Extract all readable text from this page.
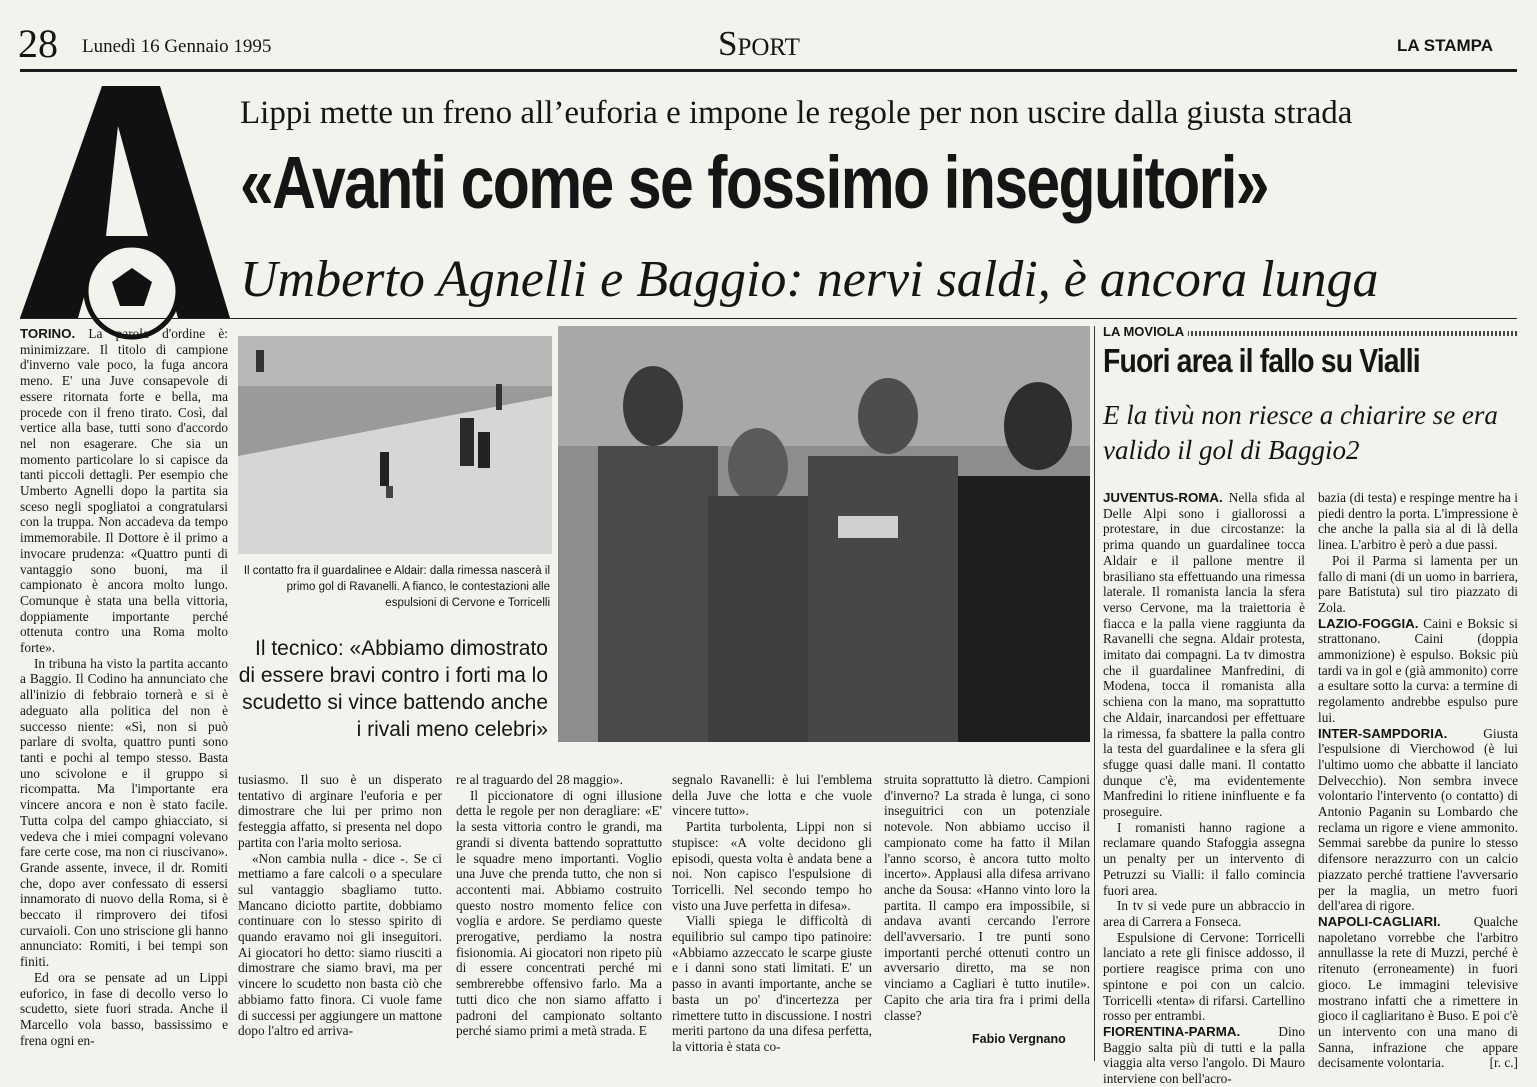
28 Lunedì 16 Gennaio 1995	Sport	LA STAMPA
Lippi mette un freno all’euforia e impone le regole per non uscire dalla giusta strada
«Avanti come se fossimo inseguitori»
Umberto Agnelli e Baggio: nervi saldi, è ancora lunga

TORINO. La parola d'ordine è: minimizzare. Il titolo di campione d'inverno vale poco, la fuga ancora meno. E' una Juve consapevole di essere ritornata forte e bella, ma procede con il freno tirato. Così, dal vertice alla base, tutti sono d'accordo nel non esagerare. Che sia un momento particolare lo si capisce da tanti piccoli dettagli. Per esempio che Umberto Agnelli dopo la partita sia sceso negli spogliatoi a congratularsi con la truppa. Non accadeva da tempo immemorabile. Il Dottore è il primo a invocare prudenza: «Quattro punti di vantaggio sono buoni, ma il campionato è ancora molto lungo. Comunque è stata una bella vittoria, doppiamente importante perché ottenuta contro una Roma molto forte».

In tribuna ha visto la partita accanto a Baggio. Il Codino ha annunciato che all'inizio di febbraio tornerà e si è adeguato alla politica del non è successo niente: «Sì, non si può parlare di svolta, quattro punti sono tanti e pochi al tempo stesso. Basta uno scivolone e il gruppo si ricompatta. Ma l'importante era vincere ancora e non è stato facile. Tutta colpa del campo ghiacciato, si vedeva che i miei compagni volevano fare certe cose, ma non ci riuscivano». Grande assente, invece, il dr. Romiti che, dopo aver confessato di essersi innamorato di nuovo della Roma, si è beccato il rimprovero dei tifosi curvaioli. Con uno striscione gli hanno annunciato: Romiti, i bei tempi son finiti.

Ed ora se pensate ad un Lippi euforico, in fase di decollo verso lo scudetto, siete fuori strada. Anche il Marcello vola basso, bassissimo e frena ogni en-

Il contatto fra il guardalinee e Aldair: dalla rimessa nascerà il primo gol di Ravanelli. A fianco, le contestazioni alle espulsioni di Cervone e Torricelli
Il tecnico: «Abbiamo dimostrato di essere bravi contro i forti ma lo scudetto si vince battendo anche i rivali meno celebri»

tusiasmo. Il suo è un disperato tentativo di arginare l'euforia e per dimostrare che lui per primo non festeggia affatto, si presenta nel dopo partita con l'aria molto seriosa.

«Non cambia nulla - dice -. Se ci mettiamo a fare calcoli o a speculare sul vantaggio sbagliamo tutto. Mancano diciotto partite, dobbiamo continuare con lo stesso spirito di quando eravamo noi gli inseguitori. Ai giocatori ho detto: siamo riusciti a dimostrare che siamo bravi, ma per vincere lo scudetto non basta ciò che abbiamo fatto finora. Ci vuole fame di successi per aggiungere un mattone dopo l'altro ed arriva-

re al traguardo del 28 maggio».

Il piccionatore di ogni illusione detta le regole per non deragliare: «E' la sesta vittoria contro le grandi, ma grandi si diventa battendo soprattutto le squadre meno importanti. Voglio una Juve che prenda tutto, che non si accontenti mai. Abbiamo costruito questo nostro momento felice con voglia e ardore. Se perdiamo queste prerogative, perdiamo la nostra fisionomia. Ai giocatori non ripeto più di essere concentrati perché mi sembrerebbe offensivo farlo. Ma a tutti dico che non siamo affatto i padroni del campionato soltanto perché siamo primi a metà strada. E

segnalo Ravanelli: è lui l'emblema della Juve che lotta e che vuole vincere tutto».

Partita turbolenta, Lippi non si stupisce: «A volte decidono gli episodi, questa volta è andata bene a noi. Non capisco l'espulsione di Torricelli. Nel secondo tempo ho visto una Juve perfetta in difesa».

Vialli spiega le difficoltà di equilibrio sul campo tipo patinoire: «Abbiamo azzeccato le scarpe giuste e i danni sono stati limitati. E' un passo in avanti importante, anche se basta un po' d'incertezza per rimettere tutto in discussione. I nostri meriti partono da una difesa perfetta, la vittoria è stata co-

struita soprattutto là dietro. Campioni d'inverno? La strada è lunga, ci sono inseguitrici con un potenziale notevole. Non abbiamo ucciso il campionato come ha fatto il Milan l'anno scorso, è ancora tutto molto incerto». Applausi alla difesa arrivano anche da Sousa: «Hanno vinto loro la partita. Il campo era impossibile, si andava avanti cercando l'errore dell'avversario. I tre punti sono importanti perché ottenuti contro un avversario diretto, ma se non vinciamo a Cagliari è tutto inutile». Capito che aria tira fra i primi della classe?

Fabio Vergnano
LA MOVIOLA
Fuori area il fallo su Vialli
E la tivù non riesce a chiarire se era valido il gol di Baggio2

JUVENTUS-ROMA. Nella sfida al Delle Alpi sono i giallorossi a protestare, in due circostanze: la prima quando un guardalinee tocca Aldair e il pallone mentre il brasiliano sta effettuando una rimessa laterale. Il romanista lancia la sfera verso Cervone, ma la traiettoria è fiacca e la palla viene raggiunta da Ravanelli che segna. Aldair protesta, imitato dai compagni. La tv dimostra che il guardalinee Manfredini, di Modena, tocca il romanista alla schiena con la mano, ma soprattutto che Aldair, inarcandosi per effettuare la rimessa, fa sbattere la palla contro la testa del guardalinee e la sfera gli sfugge quasi dalle mani. Il contatto dunque c'è, ma evidentemente Manfredini lo ritiene ininfluente e fa proseguire.

I romanisti hanno ragione a reclamare quando Stafoggia assegna un penalty per un intervento di Petruzzi su Vialli: il fallo comincia fuori area.

In tv si vede pure un abbraccio in area di Carrera a Fonseca.

Espulsione di Cervone: Torricelli lanciato a rete gli finisce addosso, il portiere reagisce prima con uno spintone e poi con un calcio. Torricelli «tenta» di rifarsi. Cartellino rosso per entrambi.

FIORENTINA-PARMA.	Dino Baggio salta più di tutti e la palla viaggia alta verso l'angolo. Di Mauro interviene con bell'acro-

bazia (di testa) e respinge mentre ha i piedi dentro la porta. L'impressione è che anche la palla sia al di là della linea. L'arbitro è però a due passi.

Poi il Parma si lamenta per un fallo di mani (di un uomo in barriera, pare Batistuta) sul tiro piazzato di Zola.

LAZIO-FOGGIA. Caini e Boksic si strattonano. Caini (doppia ammonizione) è espulso. Boksic più tardi va in gol e (già ammonito) corre a esultare sotto la curva: a termine di regolamento andrebbe espulso pure lui.

INTER-SAMPDORIA.	Giusta l'espulsione di Vierchowod (è lui l'ultimo uomo che abbatte il lanciato Delvecchio). Non sembra invece volontario l'intervento (o contatto) di Antonio Paganin su Lombardo che reclama un rigore e viene ammonito. Semmai sarebbe da punire lo stesso difensore nerazzurro con un calcio piazzato perché trattiene l'avversario per la maglia, un metro fuori dell'area di rigore.

NAPOLI-CAGLIARI. Qualche napoletano vorrebbe che l'arbitro annullasse la rete di Muzzi, perché è ritenuto (erroneamente) in fuori gioco. Le immagini televisive mostrano infatti che a rimettere in gioco il cagliaritano è Buso. E poi c'è un intervento con una mano di Sanna, infrazione che appare decisamente volontaria.	[r. c.]
